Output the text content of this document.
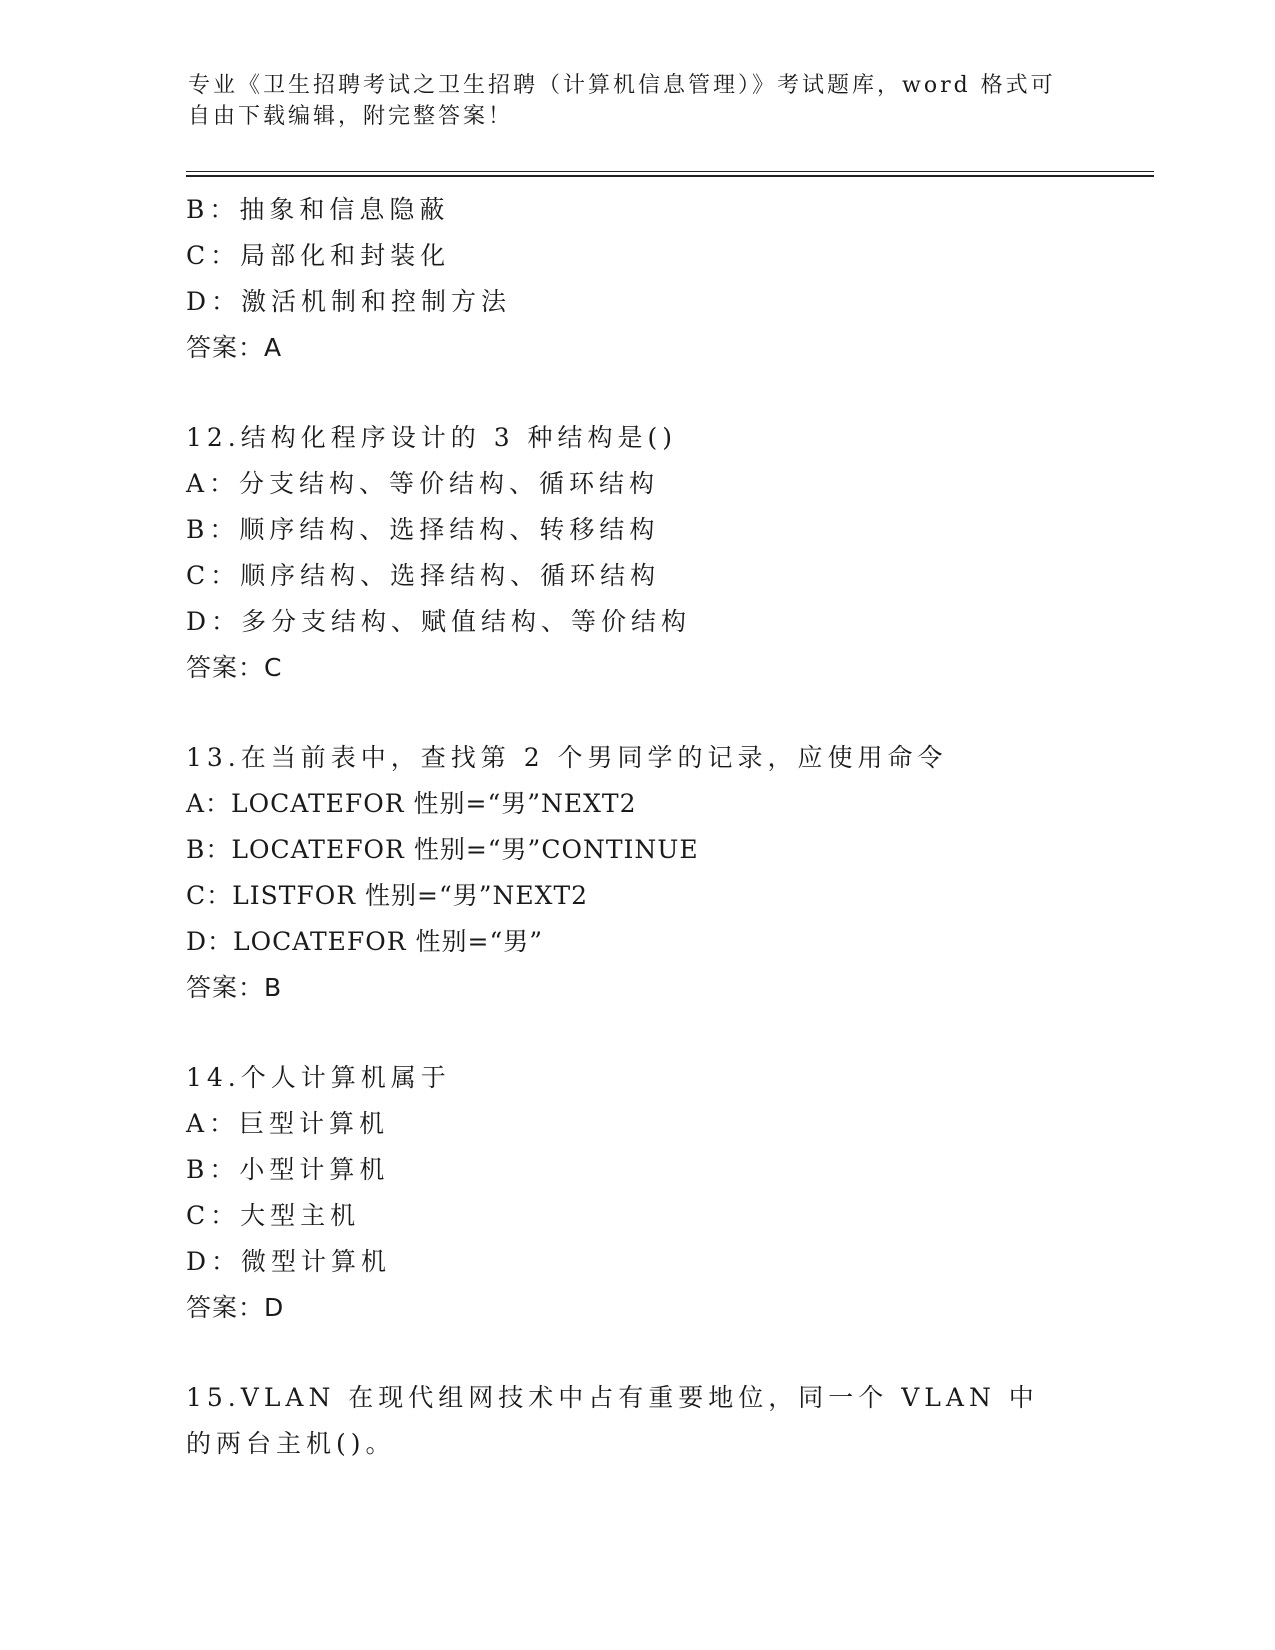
专业《卫生招聘考试之卫生招聘（计算机信息管理）》考试题库，word 格式可自由下载编辑，附完整答案！
B：抽象和信息隐蔽
C：局部化和封装化
D：激活机制和控制方法
答案：A
12.结构化程序设计的 3 种结构是()
A：分支结构、等价结构、循环结构
B：顺序结构、选择结构、转移结构
C：顺序结构、选择结构、循环结构
D：多分支结构、赋值结构、等价结构
答案：C
13.在当前表中，查找第 2 个男同学的记录，应使用命令
A：LOCATEFOR 性别=“男”NEXT2
B：LOCATEFOR 性别=“男”CONTINUE
C：LISTFOR 性别=“男”NEXT2
D：LOCATEFOR 性别=“男”
答案：B
14.个人计算机属于
A：巨型计算机
B：小型计算机
C：大型主机
D：微型计算机
答案：D
15.VLAN 在现代组网技术中占有重要地位，同一个 VLAN 中的两台主机()。
